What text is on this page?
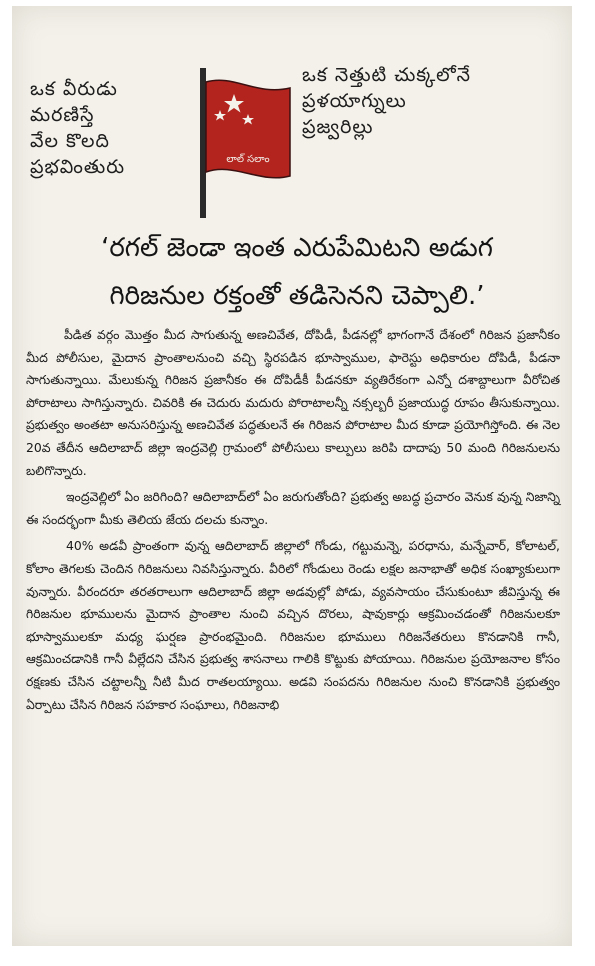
ఒక వీరుడు
మరణిస్తే
వేల కొలది
ప్రభవింతురు	లాల్ సలాం
ఒక నెత్తుటి చుక్కలోనే
ప్రళయాగ్నులు
ప్రజ్వరిల్లు
‘రగల్ జెండా ఇంత ఎరుపేమిటని అడుగ
గిరిజనుల రక్తంతో తడిసెనని చెప్పాలి.’

పీడిత వర్గం మొత్తం మీద సాగుతున్న అణచివేత, దోపిడీ, పీడనల్లో భాగంగానే దేశంలో గిరిజన ప్రజానీకం మీద పోలీసుల, మైదాన ప్రాంతాలనుంచి వచ్చి స్థిరపడిన భూస్వాముల, ఫారెస్టు అధికారుల దోపిడీ, పీడనా సాగుతున్నాయి. మేలుకున్న గిరిజన ప్రజానీకం ఈ దోపిడీకీ పీడనకూ వ్యతిరేకంగా ఎన్నో దశాబ్దాలుగా వీరోచిత పోరాటాలు సాగిస్తున్నారు. చివరికి ఈ చెదురు మదురు పోరాటాలన్నీ నక్సల్బరీ ప్రజాయుద్ధ రూపం తీసుకున్నాయి. ప్రభుత్వం అంతటా అనుసరిస్తున్న అణచివేత పద్ధతులనే ఈ గిరిజన పోరాటాల మీద కూడా ప్రయోగిస్తోంది. ఈ నెల 20వ తేదీన ఆదిలాబాద్ జిల్లా ఇంద్రవెల్లి గ్రామంలో పోలీసులు కాల్పులు జరిపి దాదాపు 50 మంది గిరిజనులను బలిగొన్నారు.

ఇంద్రవెల్లిలో ఏం జరిగింది? ఆదిలాబాద్‌లో ఏం జరుగుతోంది? ప్రభుత్వ అబద్ధ ప్రచారం వెనుక వున్న నిజాన్ని ఈ సందర్భంగా మీకు తెలియ జేయ దలచు కున్నాం.

40% అడవీ ప్రాంతంగా వున్న ఆదిలాబాద్ జిల్లాలో గోండు, గట్టుమన్నె, పరధాను, మన్నేవార్, కోలాటల్, కోలాం తెగలకు చెందిన గిరిజనులు నివసిస్తున్నారు. వీరిలో గోండులు రెండు లక్షల జనాభాతో అధిక సంఖ్యాకులుగా వున్నారు. వీరందరూ తరతరాలుగా ఆదిలాబాద్ జిల్లా అడవుల్లో పోడు, వ్యవసాయం చేసుకుంటూ జీవిస్తున్న ఈ గిరిజనుల భూములను మైదాన ప్రాంతాల నుంచి వచ్చిన దొరలు, షావుకార్లు ఆక్రమించడంతో గిరిజనులకూ భూస్వాములకూ మధ్య ఘర్షణ ప్రారంభమైంది. గిరిజనుల భూములు గిరిజనేతరులు కొనడానికి గానీ, ఆక్రమించడానికి గానీ వీల్లేదని చేసిన ప్రభుత్వ శాసనాలు గాలికి కొట్టుకు పోయాయి. గిరిజనుల ప్రయోజనాల కోసం రక్షణకు చేసిన చట్టాలన్నీ నీటి మీద రాతలయ్యాయి. అడవి సంపదను గిరిజనుల నుంచి కొనడానికి ప్రభుత్వం ఏర్పాటు చేసిన గిరిజన సహకార సంఘాలు, గిరిజనాభి
